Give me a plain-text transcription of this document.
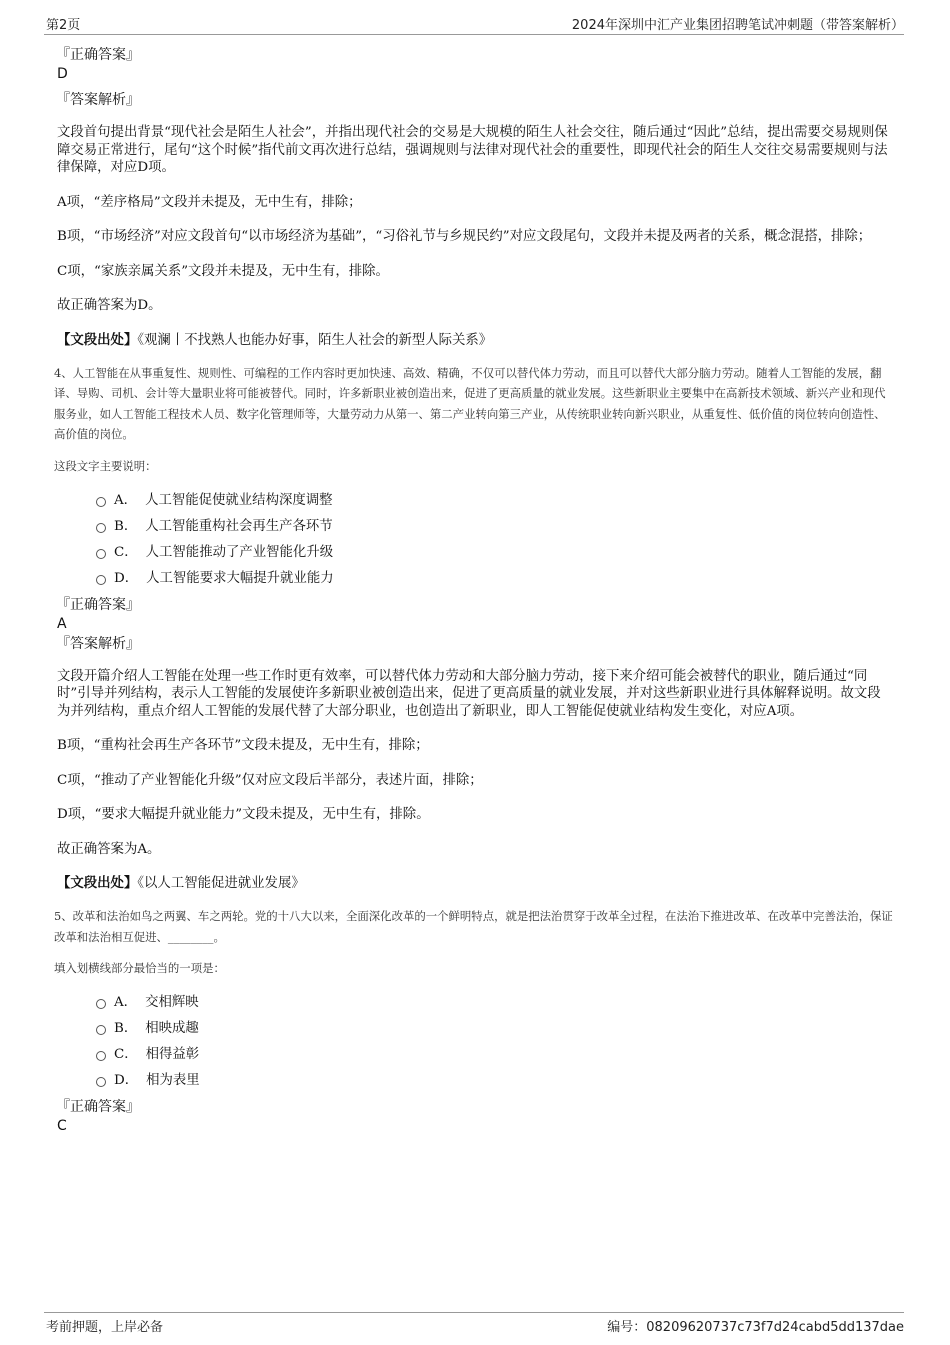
第2页	2024年深圳中汇产业集团招聘笔试冲刺题（带答案解析）
『正确答案』
D
『答案解析』
文段首句提出背景“现代社会是陌生人社会”，并指出现代社会的交易是大规模的陌生人社会交往，随后通过“因此”总结，提出需要交易规则保障交易正常进行，尾句“这个时候”指代前文再次进行总结，强调规则与法律对现代社会的重要性，即现代社会的陌生人交往交易需要规则与法律保障，对应D项。
A项，“差序格局”文段并未提及，无中生有，排除；
B项，“市场经济”对应文段首句“以市场经济为基础”，“习俗礼节与乡规民约”对应文段尾句，文段并未提及两者的关系，概念混搭，排除；
C项，“家族亲属关系”文段并未提及，无中生有，排除。
故正确答案为D。
【文段出处】《观澜丨不找熟人也能办好事，陌生人社会的新型人际关系》
4、人工智能在从事重复性、规则性、可编程的工作内容时更加快速、高效、精确，不仅可以替代体力劳动，而且可以替代大部分脑力劳动。随着人工智能的发展，翻译、导购、司机、会计等大量职业将可能被替代。同时，许多新职业被创造出来，促进了更高质量的就业发展。这些新职业主要集中在高新技术领域、新兴产业和现代服务业，如人工智能工程技术人员、数字化管理师等，大量劳动力从第一、第二产业转向第三产业，从传统职业转向新兴职业，从重复性、低价值的岗位转向创造性、高价值的岗位。
这段文字主要说明：
A． 人工智能促使就业结构深度调整
B． 人工智能重构社会再生产各环节
C． 人工智能推动了产业智能化升级
D． 人工智能要求大幅提升就业能力
『正确答案』
A
『答案解析』
文段开篇介绍人工智能在处理一些工作时更有效率，可以替代体力劳动和大部分脑力劳动，接下来介绍可能会被替代的职业，随后通过“同时”引导并列结构，表示人工智能的发展使许多新职业被创造出来，促进了更高质量的就业发展，并对这些新职业进行具体解释说明。故文段为并列结构，重点介绍人工智能的发展代替了大部分职业，也创造出了新职业，即人工智能促使就业结构发生变化，对应A项。
B项，“重构社会再生产各环节”文段未提及，无中生有，排除；
C项，“推动了产业智能化升级”仅对应文段后半部分，表述片面，排除；
D项，“要求大幅提升就业能力”文段未提及，无中生有，排除。
故正确答案为A。
【文段出处】《以人工智能促进就业发展》
5、改革和法治如鸟之两翼、车之两轮。党的十八大以来，全面深化改革的一个鲜明特点，就是把法治贯穿于改革全过程，在法治下推进改革、在改革中完善法治，保证改革和法治相互促进、________。
填入划横线部分最恰当的一项是：
A． 交相辉映
B． 相映成趣
C． 相得益彰
D． 相为表里
『正确答案』
C
考前押题，上岸必备	编号：08209620737c73f7d24cabd5dd137dae
